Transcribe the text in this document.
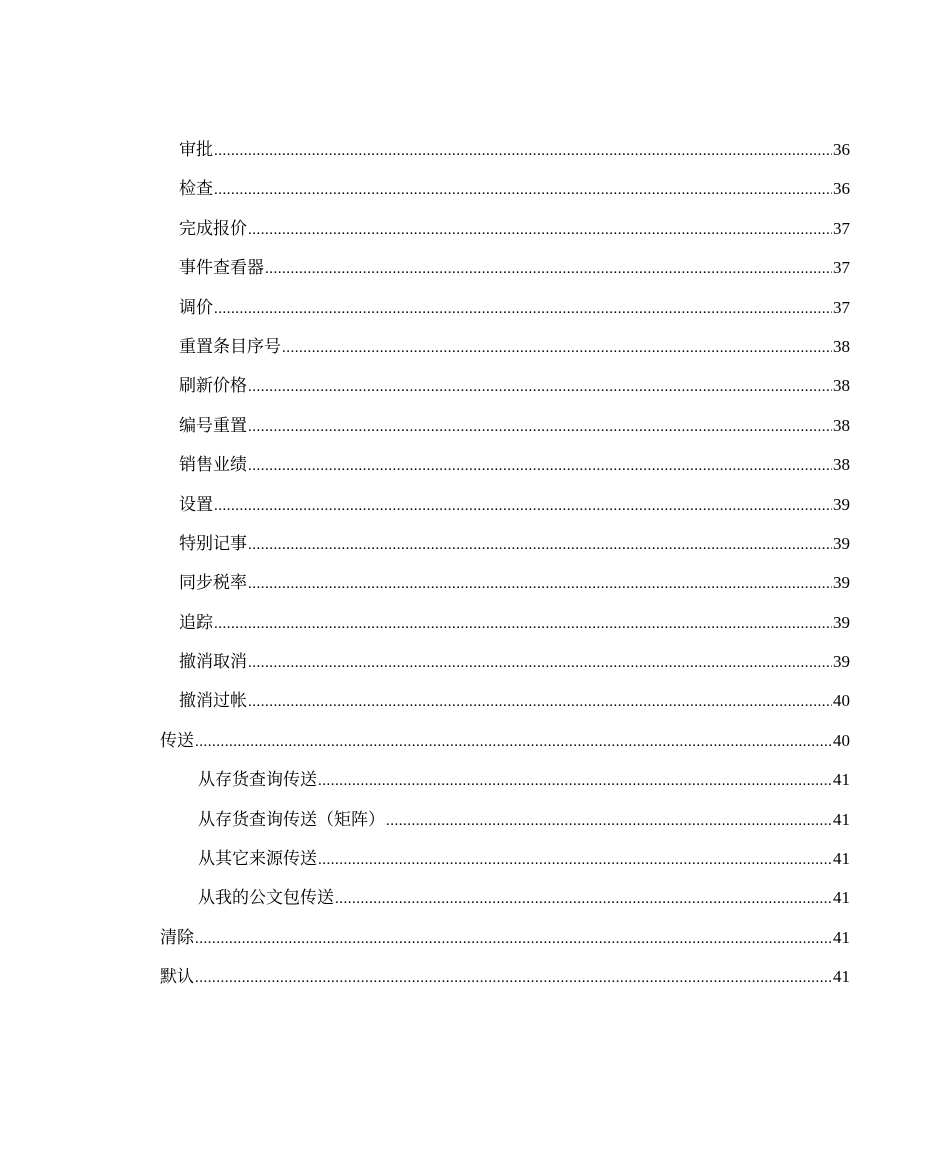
审批 .....	36
检查 .....	36
完成报价 .....	37
事件查看器 .....	37
调价 .....	37
重置条目序号 .....	38
刷新价格 .....	38
编号重置 .....	38
销售业绩 .....	38
设置 .....	39
特别记事 .....	39
同步税率 .....	39
追踪 .....	39
撤消取消 .....	39
撤消过帐 .....	40
传送 .....	40
从存货查询传送 .....	41
从存货查询传送（矩阵） .....	41
从其它来源传送 .....	41
从我的公文包传送 .....	41
清除 .....	41
默认 .....	41
